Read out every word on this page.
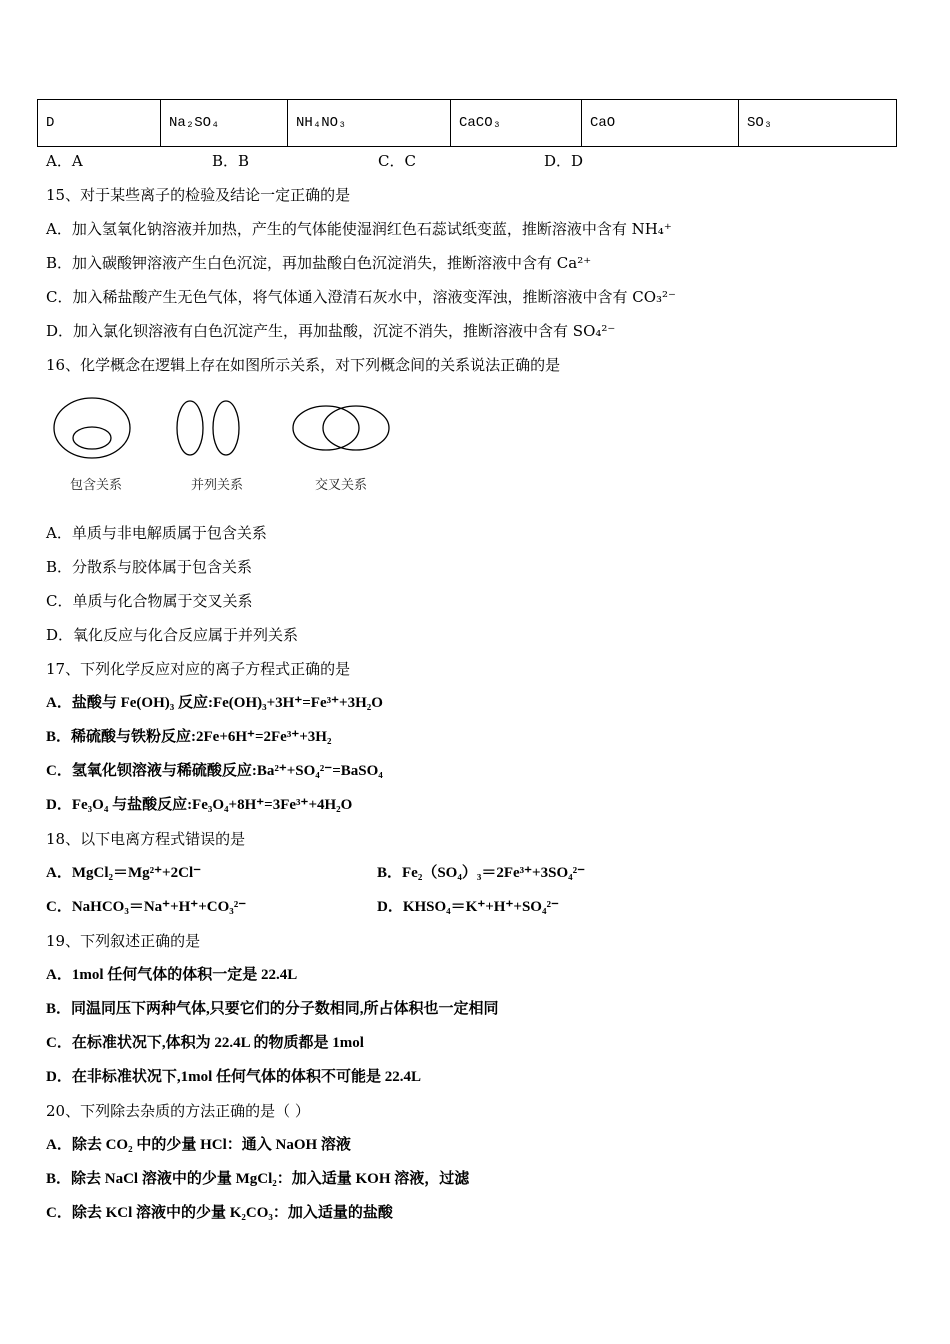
D	Na₂SO₄	NH₄NO₃	CaCO₃	CaO	SO₃
A．A	B．B	C．C	D．D
15、对于某些离子的检验及结论一定正确的是
A．加入氢氧化钠溶液并加热，产生的气体能使湿润红色石蕊试纸变蓝，推断溶液中含有 NH₄⁺
B．加入碳酸钾溶液产生白色沉淀，再加盐酸白色沉淀消失，推断溶液中含有 Ca²⁺
C．加入稀盐酸产生无色气体，将气体通入澄清石灰水中，溶液变浑浊，推断溶液中含有 CO₃²⁻
D．加入氯化钡溶液有白色沉淀产生，再加盐酸，沉淀不消失，推断溶液中含有 SO₄²⁻
16、化学概念在逻辑上存在如图所示关系，对下列概念间的关系说法正确的是
包含关系	并列关系	交叉关系
A．单质与非电解质属于包含关系
B．分散系与胶体属于包含关系
C．单质与化合物属于交叉关系
D．氧化反应与化合反应属于并列关系
17、下列化学反应对应的离子方程式正确的是
A．盐酸与 Fe(OH)₃ 反应:Fe(OH)₃+3H⁺=Fe³⁺+3H₂O
B．稀硫酸与铁粉反应:2Fe+6H⁺=2Fe³⁺+3H₂
C．氢氧化钡溶液与稀硫酸反应:Ba²⁺+SO₄²⁻=BaSO₄
D．Fe₃O₄ 与盐酸反应:Fe₃O₄+8H⁺=3Fe³⁺+4H₂O
18、以下电离方程式错误的是
A．MgCl₂＝Mg²⁺+2Cl⁻	B．Fe₂（SO₄）₃＝2Fe³⁺+3SO₄²⁻
C．NaHCO₃＝Na⁺+H⁺+CO₃²⁻	D．KHSO₄＝K⁺+H⁺+SO₄²⁻
19、下列叙述正确的是
A．1mol 任何气体的体积一定是 22.4L
B．同温同压下两种气体,只要它们的分子数相同,所占体积也一定相同
C．在标准状况下,体积为 22.4L 的物质都是 1mol
D．在非标准状况下,1mol 任何气体的体积不可能是 22.4L
20、下列除去杂质的方法正确的是（ ）
A．除去 CO₂ 中的少量 HCl：通入 NaOH 溶液
B．除去 NaCl 溶液中的少量 MgCl₂：加入适量 KOH 溶液，过滤
C．除去 KCl 溶液中的少量 K₂CO₃：加入适量的盐酸
